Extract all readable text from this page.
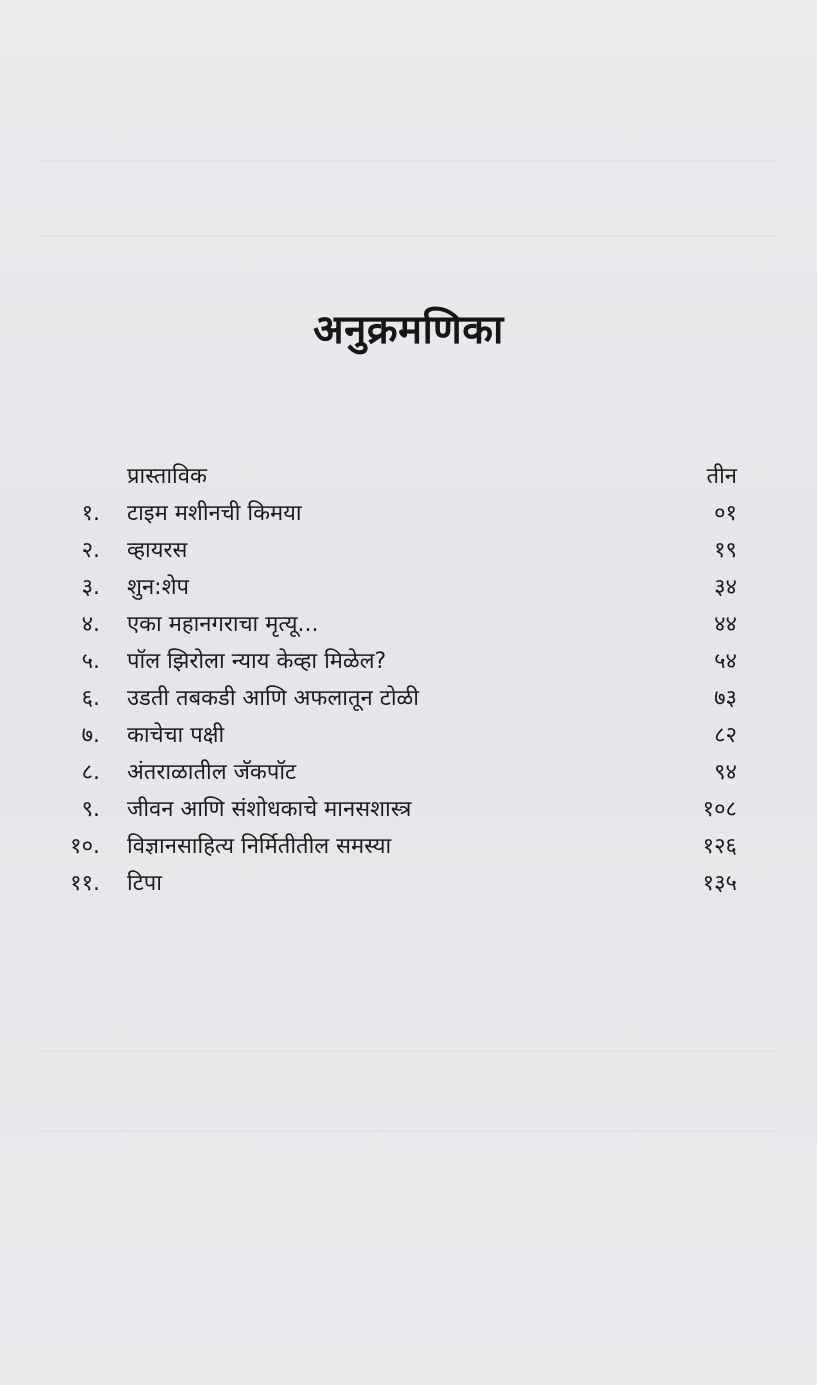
अनुक्रमणिका
प्रास्ताविक	तीन
१. टाइम मशीनची किमया	०१
२. व्हायरस	१९
३. शुन:शेप	३४
४. एका महानगराचा मृत्यू...	४४
५. पॉल झिरोला न्याय केव्हा मिळेल?	५४
६. उडती तबकडी आणि अफलातून टोळी	७३
७. काचेचा पक्षी	८२
८. अंतराळातील जॅकपॉट	९४
९. जीवन आणि संशोधकाचे मानसशास्त्र	१०८
१०. विज्ञानसाहित्य निर्मितीतील समस्या	१२६
११. टिपा	१३५
